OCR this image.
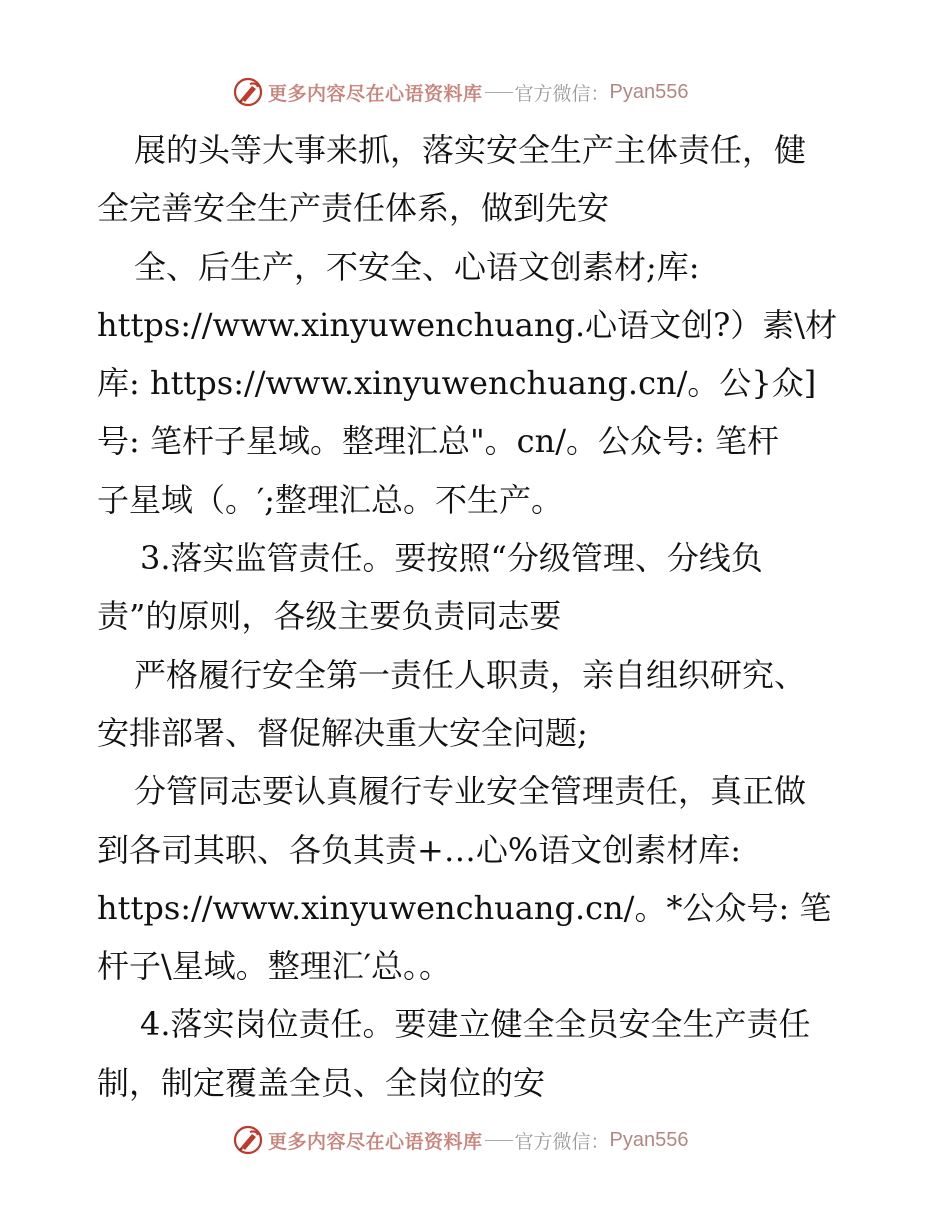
更多内容尽在心语资料库 官方微信： Pyan556
展的头等大事来抓，落实安全生产主体责任，健
全完善安全生产责任体系，做到先安
全、后生产，不安全、心语文创素材;库:
https://www.xinyuwenchuang.心语文创?）素\材
库: https://www.xinyuwenchuang.cn/。公}众]
号: 笔杆子星域。整理汇总"。cn/。公众号: 笔杆
子星域（。′;整理汇总。不生产。
3.落实监管责任。要按照“分级管理、分线负
责”的原则，各级主要负责同志要
严格履行安全第一责任人职责，亲自组织研究、
安排部署、督促解决重大安全问题;
分管同志要认真履行专业安全管理责任，真正做
到各司其职、各负其责+…心%语文创素材库:
https://www.xinyuwenchuang.cn/。*公众号: 笔
杆子\星域。整理汇′总。。
4.落实岗位责任。要建立健全全员安全生产责任
制，制定覆盖全员、全岗位的安
更多内容尽在心语资料库 官方微信： Pyan556
